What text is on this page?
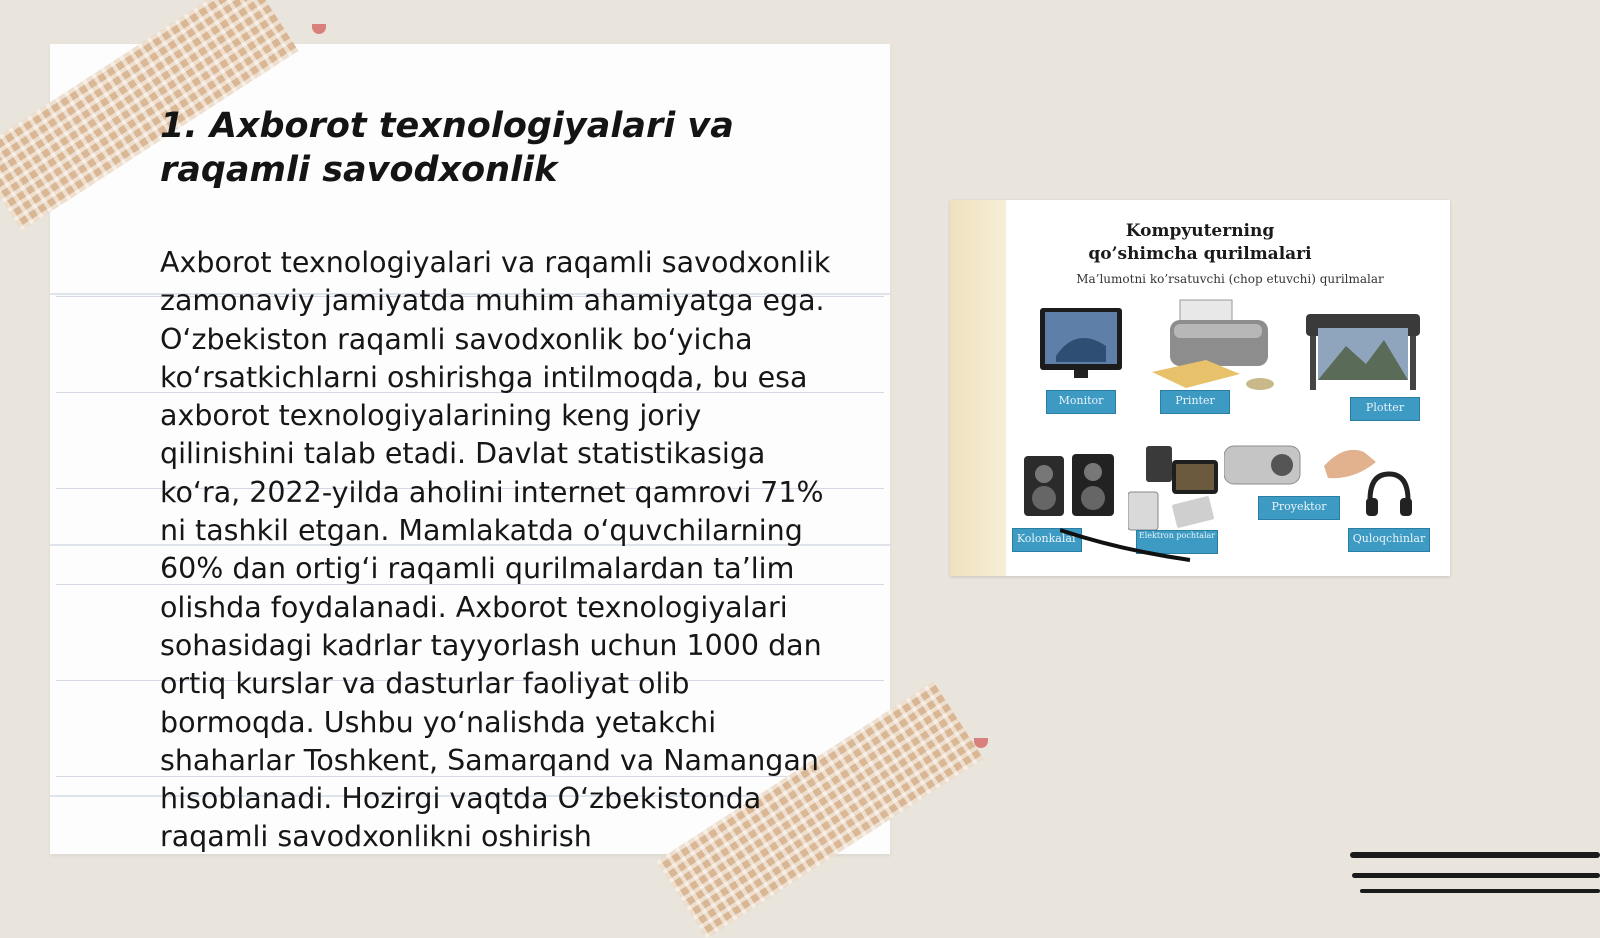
1. Axborot texnologiyalari va raqamli savodxonlik

Axborot texnologiyalari va raqamli savodxonlik zamonaviy jamiyatda muhim ahamiyatga ega. O‘zbekiston raqamli savodxonlik bo‘yicha ko‘rsatkichlarni oshirishga intilmoqda, bu esa axborot texnologiyalarining keng joriy qilinishini talab etadi. Davlat statistikasiga ko‘ra, 2022-yilda aholini internet qamrovi 71% ni tashkil etgan. Mamlakatda o‘quvchilarning 60% dan ortig‘i raqamli qurilmalardan ta’lim olishda foydalanadi. Axborot texnologiyalari sohasidagi kadrlar tayyorlash uchun 1000 dan ortiq kurslar va dasturlar faoliyat olib bormoqda. Ushbu yo‘nalishda yetakchi shaharlar Toshkent, Samarqand va Namangan hisoblanadi. Hozirgi vaqtda O‘zbekistonda raqamli savodxonlikni oshirish

Kompyuterning qo’shimcha qurilmalari
Ma’lumotni ko’rsatuvchi (chop etuvchi) qurilmalar
Monitor	Printer
Plotter
Kolonkalar	Elektron pochtalar
Proyektor
Qulоqchinlar
